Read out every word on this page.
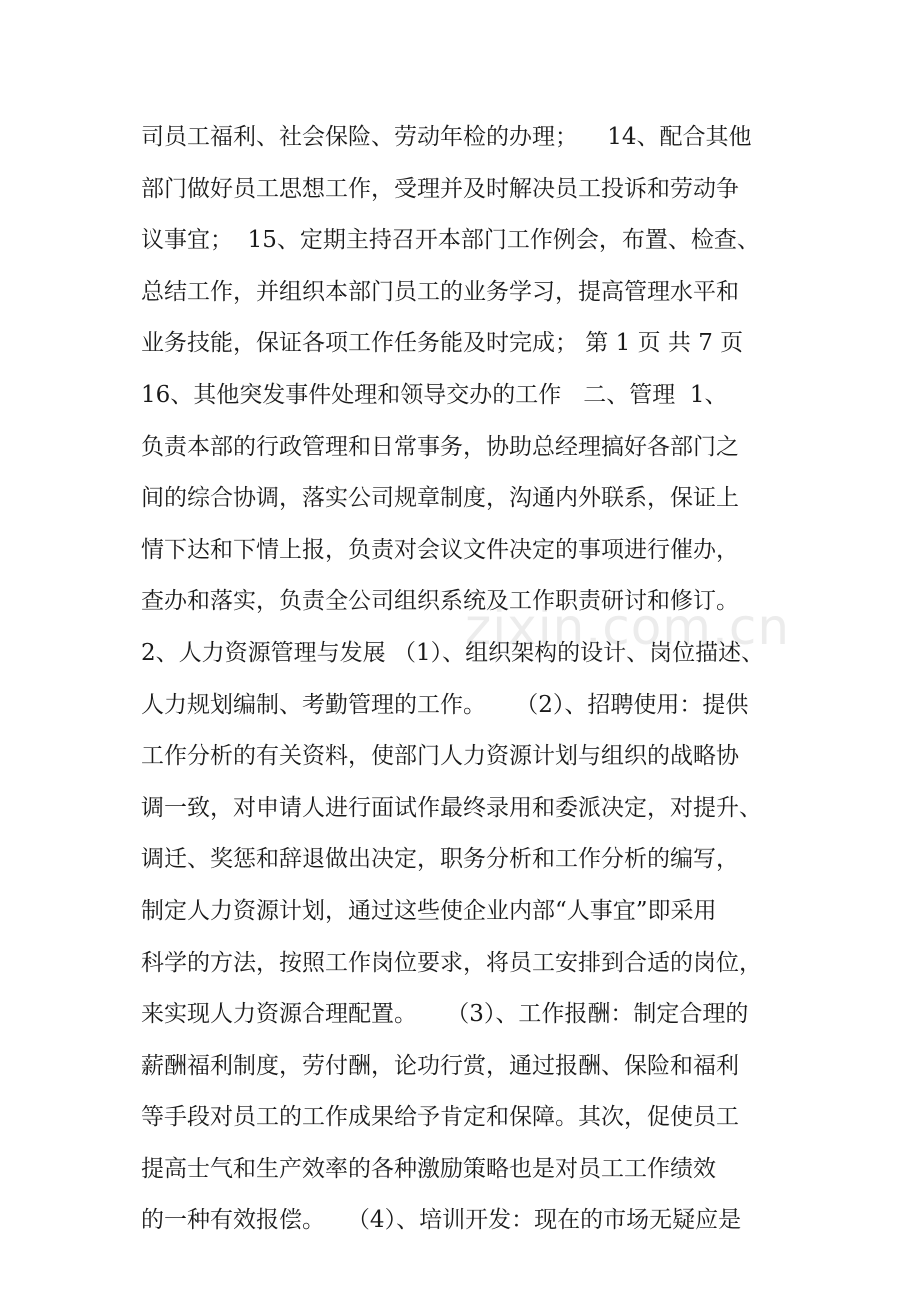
司员工福利、社会保险、劳动年检的办理；    14、配合其他
部门做好员工思想工作，受理并及时解决员工投诉和劳动争
议事宜；  15、定期主持召开本部门工作例会，布置、检查、
总结工作，并组织本部门员工的业务学习，提高管理水平和
业务技能，保证各项工作任务能及时完成； 第 1 页 共 7 页
16、其他突发事件处理和领导交办的工作   二、管理  1、
负责本部的行政管理和日常事务，协助总经理搞好各部门之
间的综合协调，落实公司规章制度，沟通内外联系，保证上
情下达和下情上报，负责对会议文件决定的事项进行催办，
查办和落实，负责全公司组织系统及工作职责研讨和修订。
2、人力资源管理与发展 （1）、组织架构的设计、岗位描述、
人力规划编制、考勤管理的工作。    （2）、招聘使用：提供
工作分析的有关资料，使部门人力资源计划与组织的战略协
调一致，对申请人进行面试作最终录用和委派决定，对提升、
调迁、奖惩和辞退做出决定，职务分析和工作分析的编写，
制定人力资源计划，通过这些使企业内部“人事宜”即采用
科学的方法，按照工作岗位要求，将员工安排到合适的岗位，
来实现人力资源合理配置。    （3）、工作报酬：制定合理的
薪酬福利制度，劳付酬，论功行赏，通过报酬、保险和福利
等手段对员工的工作成果给予肯定和保障。其次，促使员工
提高士气和生产效率的各种激励策略也是对员工工作绩效
的一种有效报偿。   （4）、培训开发：现在的市场无疑应是
zixin.com.cn
